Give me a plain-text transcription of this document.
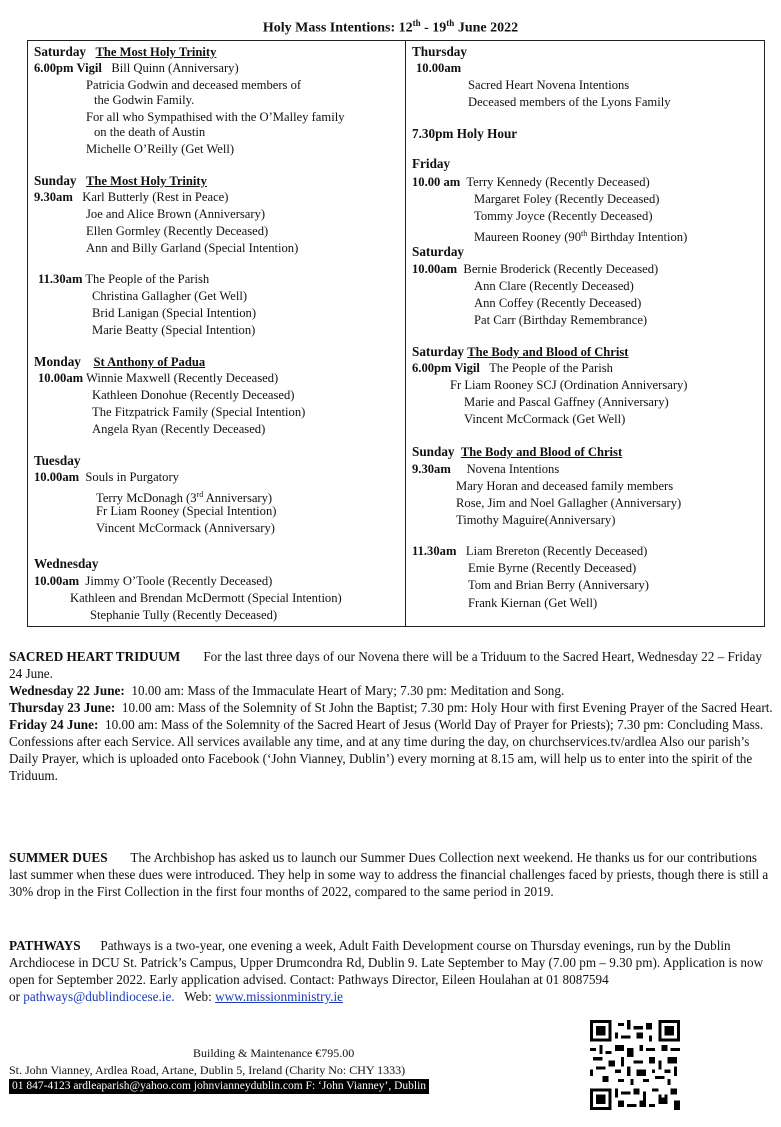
Holy Mass Intentions: 12th - 19th June 2022
Saturday The Most Holy Trinity
6.00pm Vigil Bill Quinn (Anniversary)
Patricia Godwin and deceased members of
the Godwin Family.
For all who Sympathised with the O’Malley family
on the death of Austin
Michelle O’Reilly (Get Well)
Sunday The Most Holy Trinity
9.30am Karl Butterly (Rest in Peace)
Joe and Alice Brown (Anniversary)
Ellen Gormley (Recently Deceased)
Ann and Billy Garland (Special Intention)
11.30am The People of the Parish
Christina Gallagher (Get Well)
Brid Lanigan (Special Intention)
Marie Beatty (Special Intention)
Monday St Anthony of Padua
10.00am Winnie Maxwell (Recently Deceased)
Kathleen Donohue (Recently Deceased)
The Fitzpatrick Family (Special Intention)
Angela Ryan (Recently Deceased)
Tuesday
10.00am Souls in Purgatory
Terry McDonagh (3rd Anniversary)
Fr Liam Rooney (Special Intention)
Vincent McCormack (Anniversary)
Wednesday
10.00am Jimmy O’Toole (Recently Deceased)
Kathleen and Brendan McDermott (Special Intention)
Stephanie Tully (Recently Deceased)
Thursday
10.00am
Sacred Heart Novena Intentions
Deceased members of the Lyons Family
7.30pm Holy Hour
Friday
10.00 am Terry Kennedy (Recently Deceased)
Margaret Foley (Recently Deceased)
Tommy Joyce (Recently Deceased)
Maureen Rooney (90th Birthday Intention)
Saturday
10.00am Bernie Broderick (Recently Deceased)
Ann Clare (Recently Deceased)
Ann Coffey (Recently Deceased)
Pat Carr (Birthday Remembrance)
Saturday The Body and Blood of Christ
6.00pm Vigil The People of the Parish
Fr Liam Rooney SCJ (Ordination Anniversary)
Marie and Pascal Gaffney (Anniversary)
Vincent McCormack (Get Well)
Sunday The Body and Blood of Christ
9.30am Novena Intentions
Mary Horan and deceased family members
Rose, Jim and Noel Gallagher (Anniversary)
Timothy Maguire(Anniversary)
11.30am Liam Brereton (Recently Deceased)
Emie Byrne (Recently Deceased)
Tom and Brian Berry (Anniversary)
Frank Kiernan (Get Well)

SACRED HEART TRIDUUM For the last three days of our Novena there will be a Triduum to the Sacred Heart, Wednesday 22 – Friday 24 June.

Wednesday 22 June: 10.00 am: Mass of the Immaculate Heart of Mary; 7.30 pm: Meditation and Song.

Thursday 23 June: 10.00 am: Mass of the Solemnity of St John the Baptist; 7.30 pm: Holy Hour with first Evening Prayer of the Sacred Heart.

Friday 24 June: 10.00 am: Mass of the Solemnity of the Sacred Heart of Jesus (World Day of Prayer for Priests); 7.30 pm: Concluding Mass.

Confessions after each Service. All services available any time, and at any time during the day, on churchservices.tv/ardlea Also our parish’s Daily Prayer, which is uploaded onto Facebook (‘John Vianney, Dublin’) every morning at 8.15 am, will help us to enter into the spirit of the Triduum.

SUMMER DUES The Archbishop has asked us to launch our Summer Dues Collection next weekend. He thanks us for our contributions last summer when these dues were introduced. They help in some way to address the financial challenges faced by priests, though there is still a 30% drop in the First Collection in the first four months of 2022, compared to the same period in 2019.

PATHWAYS Pathways is a two-year, one evening a week, Adult Faith Development course on Thursday evenings, run by the Dublin Archdiocese in DCU St. Patrick’s Campus, Upper Drumcondra Rd, Dublin 9. Late September to May (7.00 pm – 9.30 pm). Application is now open for September 2022. Early application advised. Contact: Pathways Director, Eileen Houlahan at 01 8087594

or pathways@dublindiocese.ie.   Web: www.missionministry.ie

Building & Maintenance €795.00
St. John Vianney, Ardlea Road, Artane, Dublin 5, Ireland (Charity No: CHY 1333)
01 847-4123 ardleaparish@yahoo.com johnvianneydublin.com F: ‘John Vianney’, Dublin
